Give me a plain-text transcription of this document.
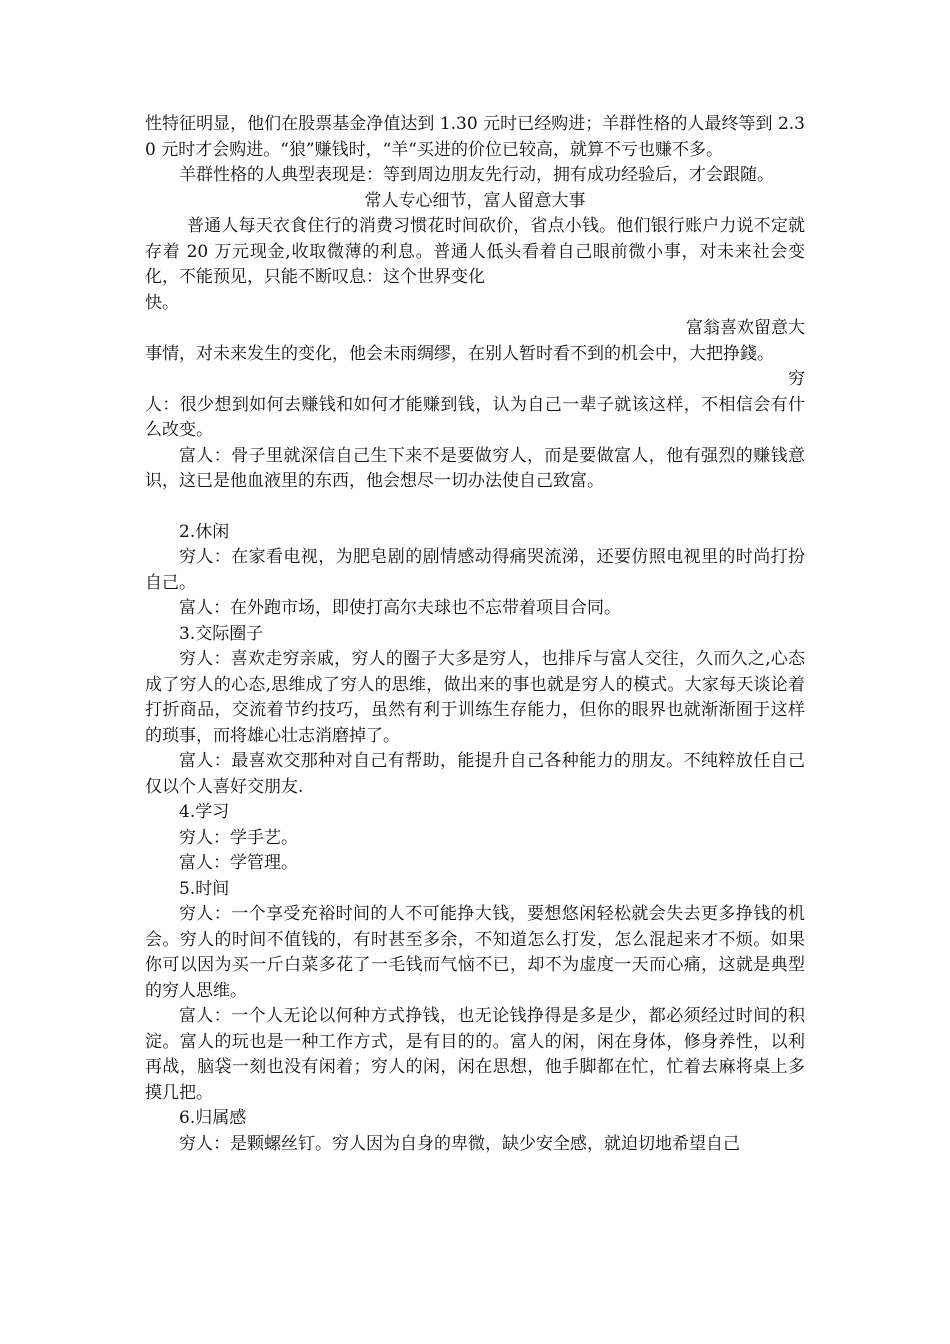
性特征明显，他们在股票基金净值达到 1.30 元时已经购进；羊群性格的人最终等到 2.30 元时才会购进。“狼”赚钱时，“羊“买进的价位已较高，就算不亏也赚不多。

羊群性格的人典型表现是：等到周边朋友先行动，拥有成功经验后，才会跟随。

常人专心细节，富人留意大事

普通人每天衣食住行的消费习惯花时间砍价，省点小钱。他们银行账户力说不定就存着 20 万元现金,收取微薄的利息。普通人低头看着自己眼前微小事，对未来社会变化，不能预见，只能不断叹息：这个世界变化

快。

富翁喜欢留意大

事情，对未来发生的变化，他会未雨绸缪，在别人暂时看不到的机会中，大把挣錢。

穷

人：很少想到如何去赚钱和如何才能赚到钱，认为自己一辈子就该这样，不相信会有什么改变。

富人：骨子里就深信自己生下来不是要做穷人，而是要做富人，他有强烈的赚钱意识，这已是他血液里的东西，他会想尽一切办法使自己致富。

2.休闲

穷人：在家看电视，为肥皂剧的剧情感动得痛哭流涕，还要仿照电视里的时尚打扮自己。

富人：在外跑市场，即使打高尔夫球也不忘带着项目合同。

3.交际圈子

穷人：喜欢走穷亲戚，穷人的圈子大多是穷人，也排斥与富人交往，久而久之,心态成了穷人的心态,思维成了穷人的思维，做出来的事也就是穷人的模式。大家每天谈论着打折商品，交流着节约技巧，虽然有利于训练生存能力，但你的眼界也就渐渐囿于这样的琐事，而将雄心壮志消磨掉了。

富人：最喜欢交那种对自己有帮助，能提升自己各种能力的朋友。不纯粹放任自己仅以个人喜好交朋友.

4.学习

穷人：学手艺。

富人：学管理。

5.时间

穷人：一个享受充裕时间的人不可能挣大钱，要想悠闲轻松就会失去更多挣钱的机会。穷人的时间不值钱的，有时甚至多余，不知道怎么打发，怎么混起来才不烦。如果你可以因为买一斤白菜多花了一毛钱而气恼不已，却不为虚度一天而心痛，这就是典型的穷人思维。

富人：一个人无论以何种方式挣钱，也无论钱挣得是多是少，都必须经过时间的积淀。富人的玩也是一种工作方式，是有目的的。富人的闲，闲在身体，修身养性，以利再战，脑袋一刻也没有闲着；穷人的闲，闲在思想，他手脚都在忙，忙着去麻将桌上多摸几把。

6.归属感

穷人：是颗螺丝钉。穷人因为自身的卑微，缺少安全感，就迫切地希望自己
